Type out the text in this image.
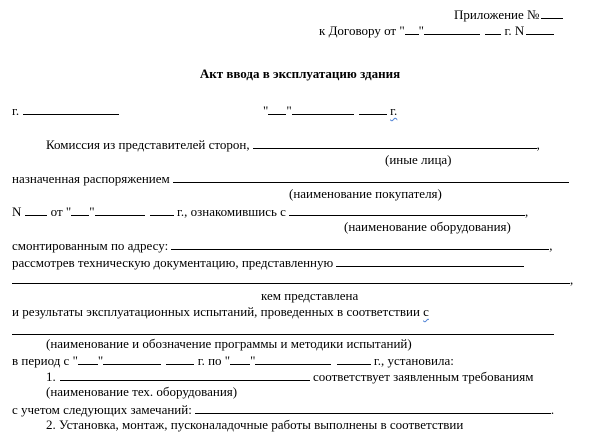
Приложение №
к Договору от " "	г. N
Акт ввода в эксплуатацию здания
г.	" "	г.
Комиссия из представителей сторон,	,
(иные лица)
назначенная распоряжением
(наименование покупателя)
N от " "	г., ознакомившись с	,
(наименование оборудования)
смонтированным по адресу:	,
рассмотрев техническую документацию, представленную
,
кем представлена
и результаты эксплуатационных испытаний, проведенных в соответствии с
(наименование и обозначение программы и методики испытаний)
в период с " "	г. по " "	г., установила:
1.	соответствует заявленным требованиям
(наименование тех. оборудования)
с учетом следующих замечаний:	.
2. Установка, монтаж, пусконаладочные работы выполнены в соответствии
